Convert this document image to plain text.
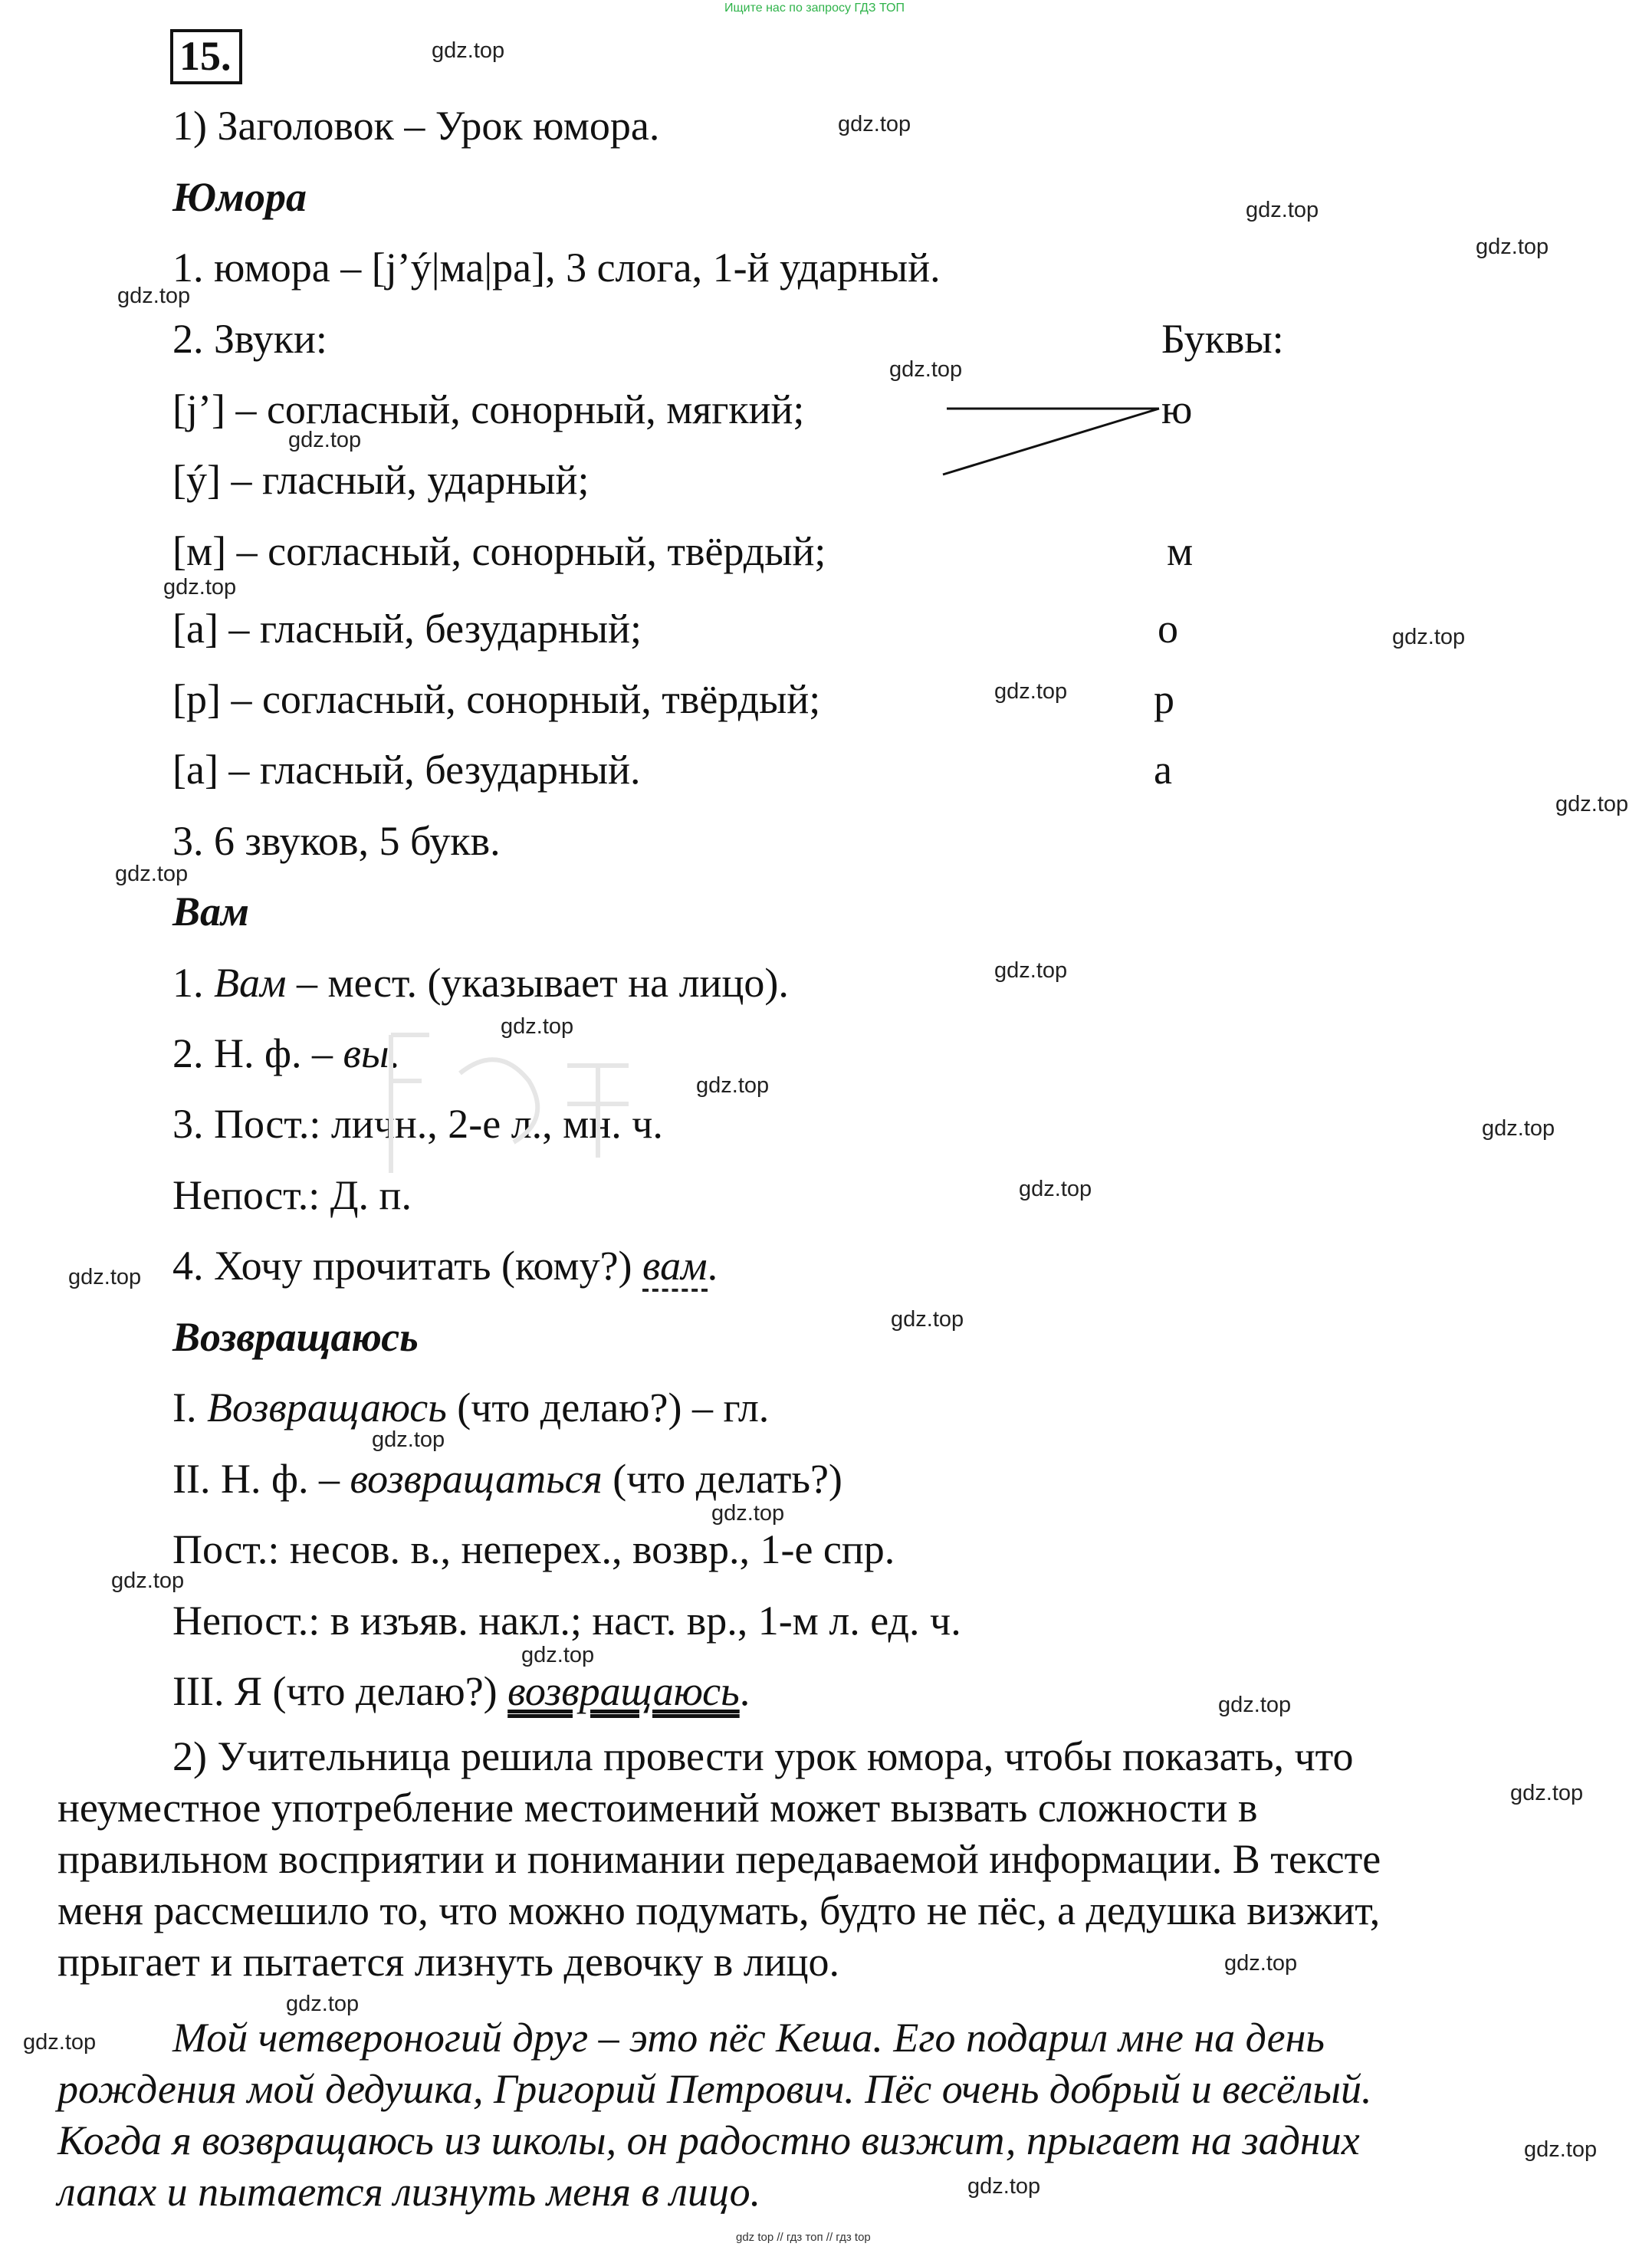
Ищите нас по запросу ГДЗ ТОП
15.
1) Заголовок – Урок юмора.
Юмора
1. юмора – [j’ý|ма|ра], 3 слога, 1-й ударный.
2. Звуки:	Буквы:
[j’] – согласный, сонорный, мягкий;
[ý] – гласный, ударный;
[м] – согласный, сонорный, твёрдый;
[а] – гласный, безударный;
[р] – согласный, сонорный, твёрдый;
[а] – гласный, безударный.
ю
м
о
р
а
3. 6 звуков, 5 букв.
Вам
1. Вам – мест. (указывает на лицо).
2. Н. ф. – вы.
3. Пост.: личн., 2-е л., мн. ч.
Непост.: Д. п.
4. Хочу прочитать (кому?) вам.
Возвращаюсь
I. Возвращаюсь (что делаю?) – гл.
II. Н. ф. – возвращаться (что делать?)
Пост.: несов. в., неперех., возвр., 1-е спр.
Непост.: в изъяв. накл.; наст. вр., 1-м л. ед. ч.
III. Я (что делаю?) возвращаюсь.
2) Учительница решила провести урок юмора, чтобы показать, что
неуместное употребление местоимений может вызвать сложности в
правильном восприятии и понимании передаваемой информации. В тексте
меня рассмешило то, что можно подумать, будто не пёс, а дедушка визжит,
прыгает и пытается лизнуть девочку в лицо.
Мой четвероногий друг – это пёс Кеша. Его подарил мне на день
рождения мой дедушка, Григорий Петрович. Пёс очень добрый и весёлый.
Когда я возвращаюсь из школы, он радостно визжит, прыгает на задних
лапах и пытается лизнуть меня в лицо.
gdz.top
gdz.top
gdz.top
gdz.top
gdz.top
gdz.top
gdz.top
gdz.top
gdz.top
gdz.top
gdz.top
gdz.top
gdz.top
gdz.top
gdz.top
gdz.top
gdz.top
gdz.top
gdz.top
gdz.top
gdz.top
gdz.top
gdz.top
gdz.top
gdz.top
gdz.top
gdz.top
gdz.top
gdz.top
gdz.top
gdz top // гдз топ // гдз top
